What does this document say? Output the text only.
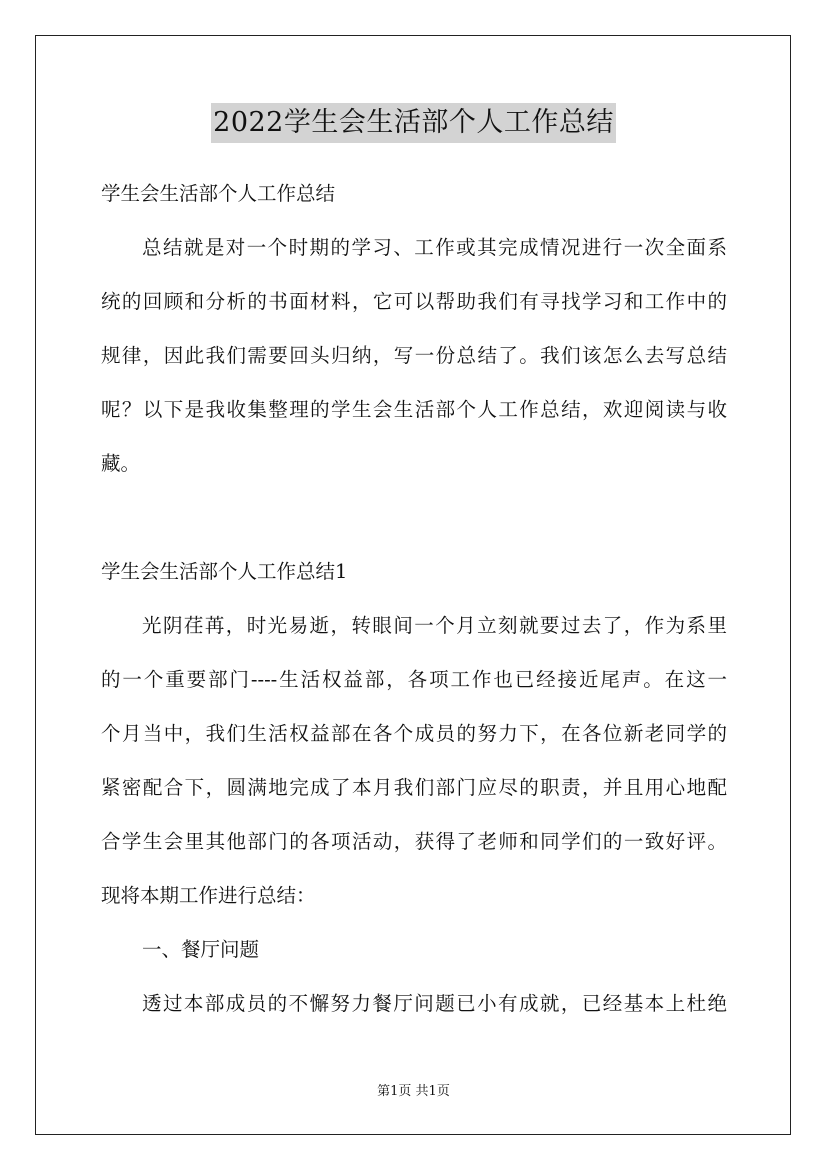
2022学生会生活部个人工作总结
学生会生活部个人工作总结
总结就是对一个时期的学习、工作或其完成情况进行一次全面系
统的回顾和分析的书面材料，它可以帮助我们有寻找学习和工作中的
规律，因此我们需要回头归纳，写一份总结了。我们该怎么去写总结
呢？以下是我收集整理的学生会生活部个人工作总结，欢迎阅读与收
藏。
学生会生活部个人工作总结1
光阴荏苒，时光易逝，转眼间一个月立刻就要过去了，作为系里
的一个重要部门----生活权益部，各项工作也已经接近尾声。在这一
个月当中，我们生活权益部在各个成员的努力下，在各位新老同学的
紧密配合下，圆满地完成了本月我们部门应尽的职责，并且用心地配
合学生会里其他部门的各项活动，获得了老师和同学们的一致好评。
现将本期工作进行总结：
一、餐厅问题
透过本部成员的不懈努力餐厅问题已小有成就，已经基本上杜绝
第1页 共1页
